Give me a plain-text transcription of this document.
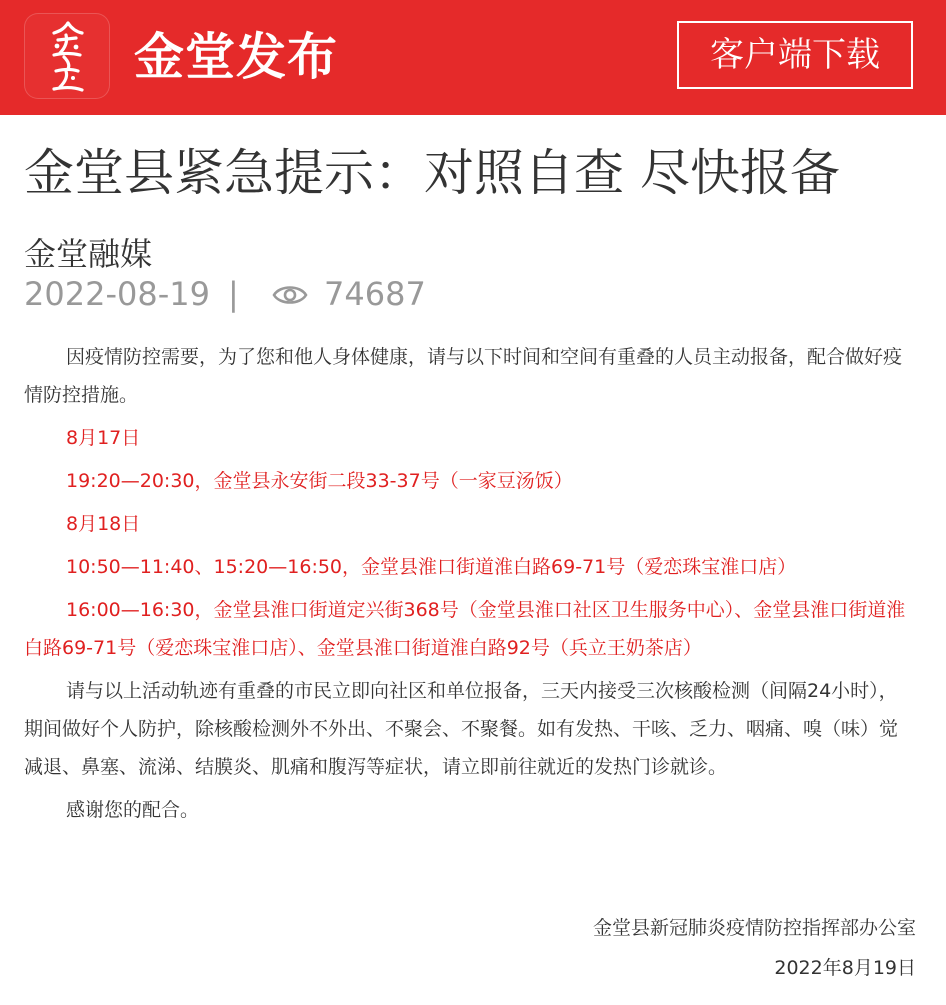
金堂发布	客户端下载
金堂县紧急提示：对照自查 尽快报备
金堂融媒
2022-08-19 |	74687

因疫情防控需要，为了您和他人身体健康，请与以下时间和空间有重叠的人员主动报备，配合做好疫情防控措施。

8月17日

19:20—20:30，金堂县永安街二段33-37号（一家豆汤饭）

8月18日

10:50—11:40、15:20—16:50，金堂县淮口街道淮白路69-71号（爱恋珠宝淮口店）

16:00—16:30，金堂县淮口街道定兴街368号（金堂县淮口社区卫生服务中心）、金堂县淮口街道淮白路69-71号（爱恋珠宝淮口店）、金堂县淮口街道淮白路92号（兵立王奶茶店）

请与以上活动轨迹有重叠的市民立即向社区和单位报备，三天内接受三次核酸检测（间隔24小时），期间做好个人防护，除核酸检测外不外出、不聚会、不聚餐。如有发热、干咳、乏力、咽痛、嗅（味）觉减退、鼻塞、流涕、结膜炎、肌痛和腹泻等症状，请立即前往就近的发热门诊就诊。

感谢您的配合。

金堂县新冠肺炎疫情防控指挥部办公室
2022年8月19日
